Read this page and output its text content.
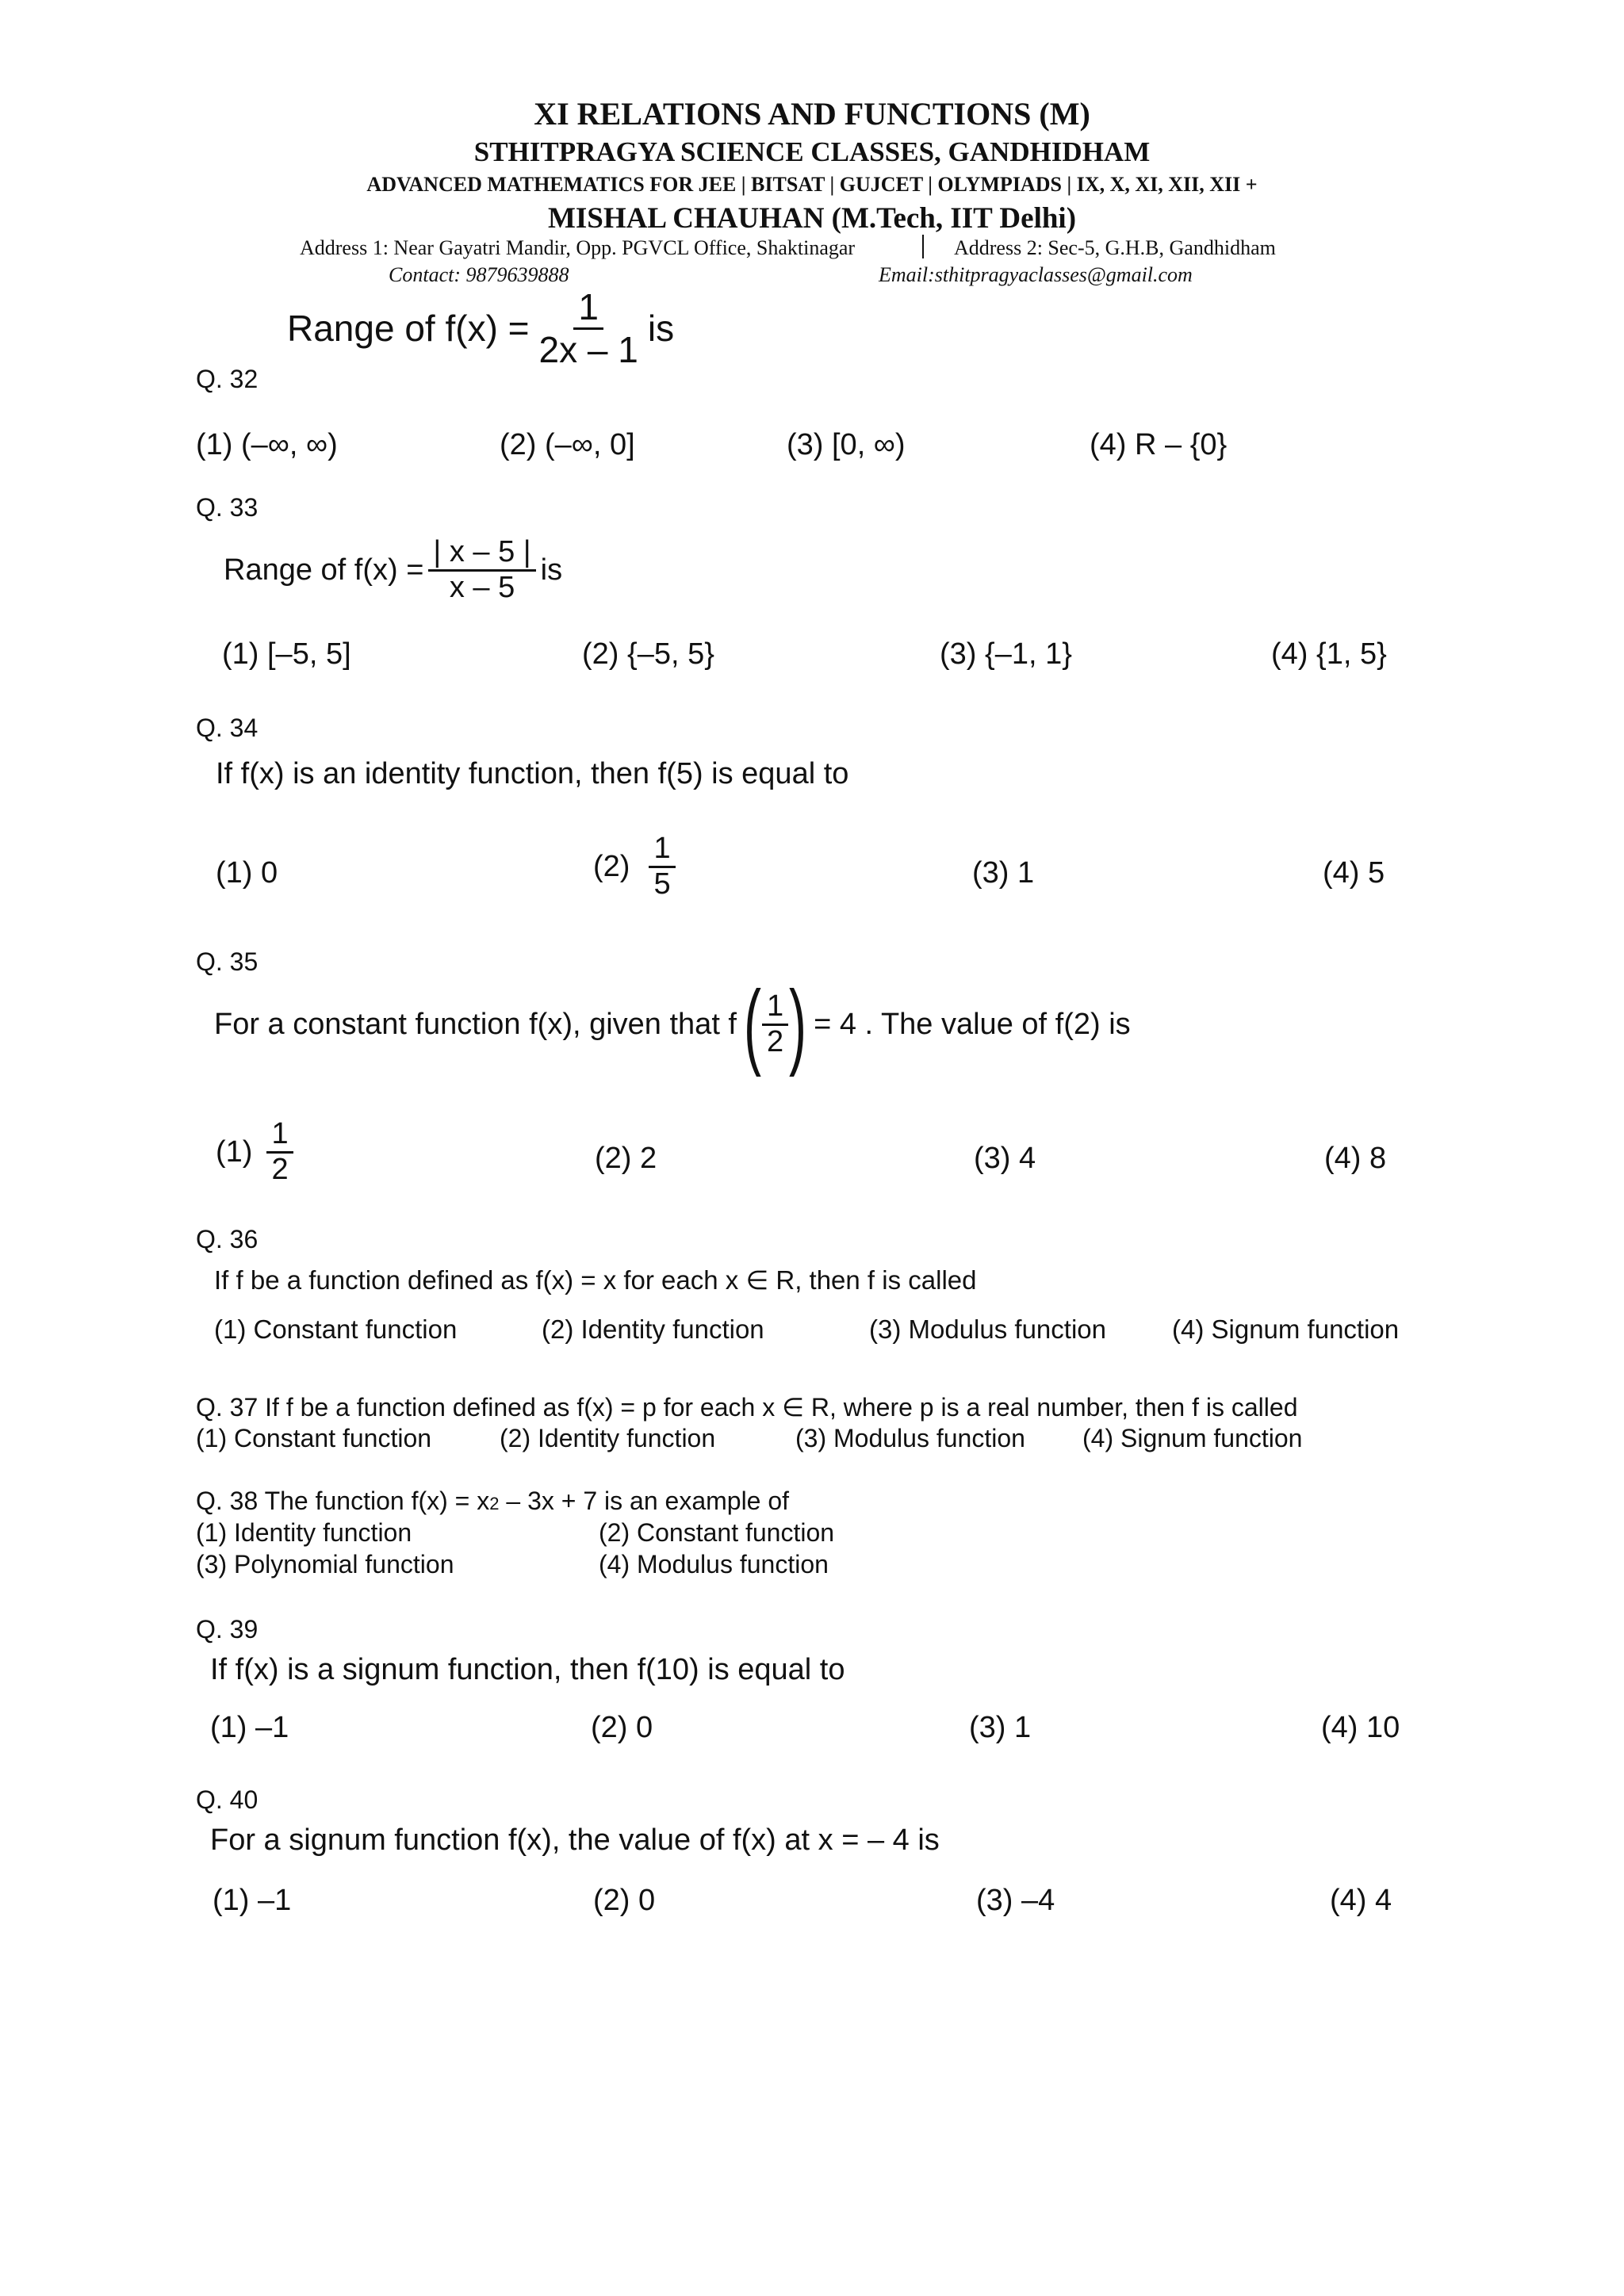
XI RELATIONS AND FUNCTIONS (M)
STHITPRAGYA SCIENCE CLASSES, GANDHIDHAM
ADVANCED MATHEMATICS FOR JEE | BITSAT | GUJCET | OLYMPIADS | IX, X, XI, XII, XII +
MISHAL CHAUHAN (M.Tech, IIT Delhi)
Address 1: Near Gayatri Mandir, Opp. PGVCL Office, Shaktinagar	Address 2: Sec-5, G.H.B, Gandhidham
Contact: 9879639888	Email:sthitpragyaclasses@gmail.com
Range of $f(x) = \frac{1}{2x - 1}$ is
Q. 32
(1) (–∞, ∞)	(2) (–∞, 0]	(3) [0, ∞)	(4) R – {0}
Q. 33
Range of $f(x) = \frac{| x - 5 |}{x - 5}$ is
(1) [–5, 5]	(2) {–5, 5}	(3) {–1, 1}	(4) {1, 5}
Q. 34
If f(x) is an identity function, then f(5) is equal to
(1) 0	$(2) \frac{1}{5}$	(3) 1	(4) 5
Q. 35
For a constant function f(x), given that f ( $\frac{1}{2}$ ) = 4 . The value of f(2) is
$(1) \frac{1}{2}$	(2) 2	(3) 4	(4) 8
Q. 36
If f be a function defined as f(x) = x for each x ∈ R, then f is called
(1) Constant function	(2) Identity function	(3) Modulus function	(4) Signum function
Q. 37 If f be a function defined as f(x) = p for each x ∈ R, where p is a real number, then f is called
(1) Constant function	(2) Identity function	(3) Modulus function (4) Signum function
Q. 38 The function f(x) = x2 – 3x + 7 is an example of
(1) Identity function	(2) Constant function
(3) Polynomial function	(4) Modulus function
Q. 39
If f(x) is a signum function, then f(10) is equal to
(1) –1	(2) 0	(3) 1	(4) 10
Q. 40
For a signum function f(x), the value of f(x) at x = – 4 is
(1) –1	(2) 0	(3) –4	(4) 4
